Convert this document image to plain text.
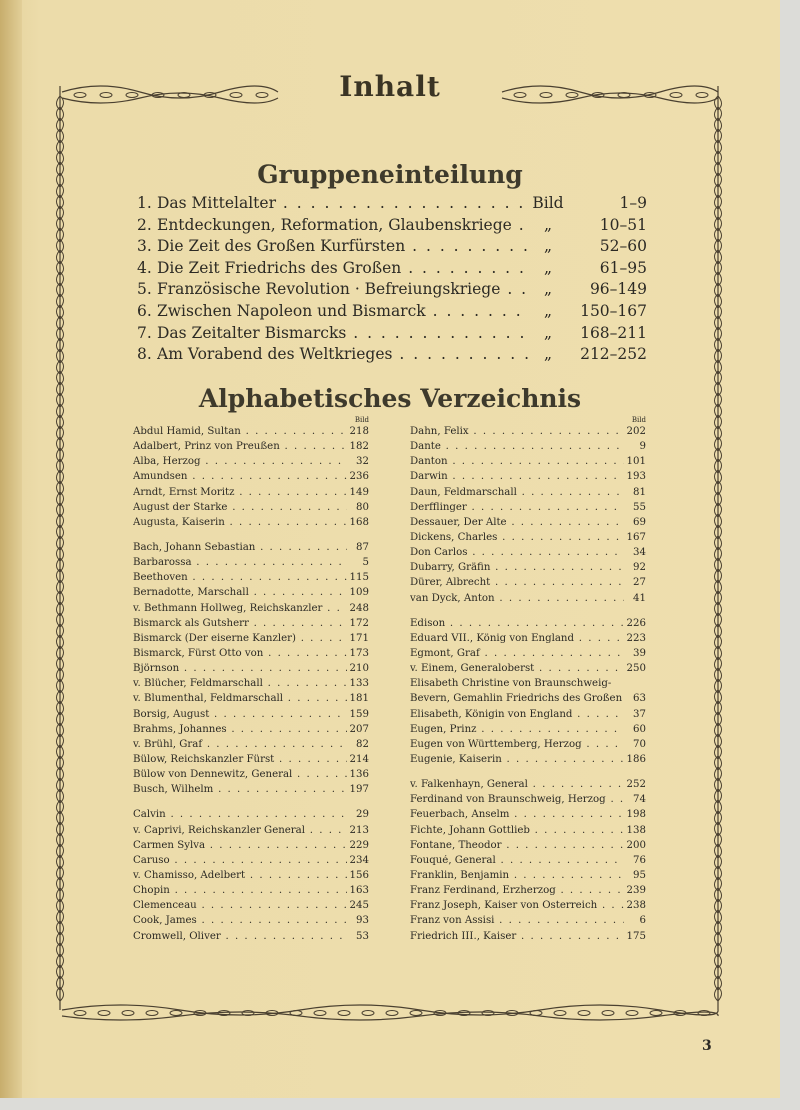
Inhalt
Gruppeneinteilung
1. Das Mittelalter . . .	Bild	1–9
2. Entdeckungen, Reformation, Glaubenskriege . . .	„	10–51
3. Die Zeit des Großen Kurfürsten . . .	„	52–60
4. Die Zeit Friedrichs des Großen . . .	„	61–95
5. Französische Revolution · Befreiungskriege . . .	„	96–149
6. Zwischen Napoleon und Bismarck . . .	„	150–167
7. Das Zeitalter Bismarcks . . .	„	168–211
8. Am Vorabend des Weltkrieges . . .	„	212–252
Alphabetisches Verzeichnis
Bild
Abdul Hamid, Sultan . . .	218
Adalbert, Prinz von Preußen . . .	182
Alba, Herzog . . .	32
Amundsen . . .	236
Arndt, Ernst Moritz . . .	149
August der Starke . . .	80
Augusta, Kaiserin . . .	168
Bach, Johann Sebastian . . .	87
Barbarossa . . .	5
Beethoven . . .	115
Bernadotte, Marschall . . .	109
v. Bethmann Hollweg, Reichskanzler . . .	248
Bismarck als Gutsherr . . .	172
Bismarck (Der eiserne Kanzler) . . .	171
Bismarck, Fürst Otto von . . .	173
Björnson . . .	210
v. Blücher, Feldmarschall . . .	133
v. Blumenthal, Feldmarschall . . .	181
Borsig, August . . .	159
Brahms, Johannes . . .	207
v. Brühl, Graf . . .	82
Bülow, Reichskanzler Fürst . . .	214
Bülow von Dennewitz, General . . .	136
Busch, Wilhelm . . .	197
Calvin . . .	29
v. Caprivi, Reichskanzler General . . .	213
Carmen Sylva . . .	229
Caruso . . .	234
v. Chamisso, Adelbert . . .	156
Chopin . . .	163
Clemenceau . . .	245
Cook, James . . .	93
Cromwell, Oliver . . .	53
Bild
Dahn, Felix . . .	202
Dante . . .	9
Danton . . .	101
Darwin . . .	193
Daun, Feldmarschall . . .	81
Derfflinger . . .	55
Dessauer, Der Alte . . .	69
Dickens, Charles . . .	167
Don Carlos . . .	34
Dubarry, Gräfin . . .	92
Dürer, Albrecht . . .	27
van Dyck, Anton . . .	41
Edison . . .	226
Eduard VII., König von England . . .	223
Egmont, Graf . . .	39
v. Einem, Generaloberst . . .	250
Elisabeth Christine von Braunschweig-
Bevern, Gemahlin Friedrichs des Großen . . .	63
Elisabeth, Königin von England . . .	37
Eugen, Prinz . . .	60
Eugen von Württemberg, Herzog . . .	70
Eugenie, Kaiserin . . .	186
v. Falkenhayn, General . . .	252
Ferdinand von Braunschweig, Herzog . . .	74
Feuerbach, Anselm . . .	198
Fichte, Johann Gottlieb . . .	138
Fontane, Theodor . . .	200
Fouqué, General . . .	76
Franklin, Benjamin . . .	95
Franz Ferdinand, Erzherzog . . .	239
Franz Joseph, Kaiser von Österreich . . .	238
Franz von Assisi . . .	6
Friedrich III., Kaiser . . .	175
3
